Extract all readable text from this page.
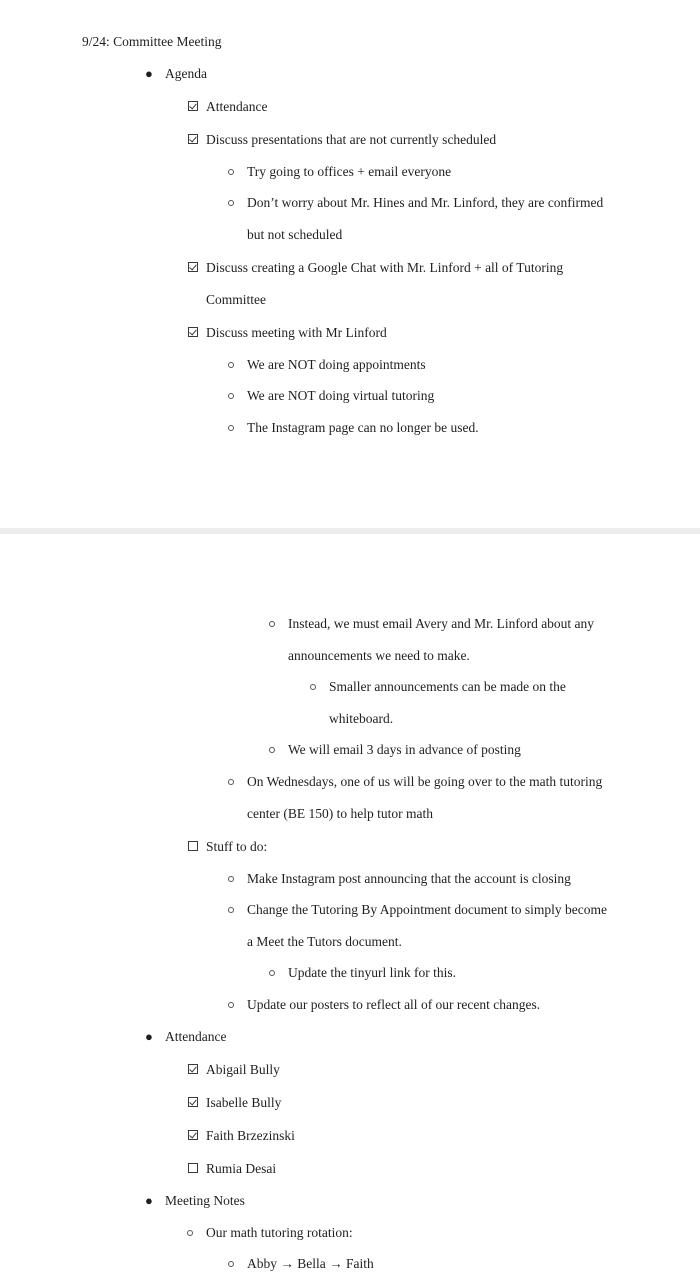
9/24: Committee Meeting
● Agenda
Attendance
Discuss presentations that are not currently scheduled
Try going to offices + email everyone
Don’t worry about Mr. Hines and Mr. Linford, they are confirmed
but not scheduled
Discuss creating a Google Chat with Mr. Linford + all of Tutoring
Committee
Discuss meeting with Mr Linford
We are NOT doing appointments
We are NOT doing virtual tutoring
The Instagram page can no longer be used.
Instead, we must email Avery and Mr. Linford about any
announcements we need to make.
Smaller announcements can be made on the
whiteboard.
We will email 3 days in advance of posting
On Wednesdays, one of us will be going over to the math tutoring
center (BE 150) to help tutor math
Stuff to do:
Make Instagram post announcing that the account is closing
Change the Tutoring By Appointment document to simply become
a Meet the Tutors document.
Update the tinyurl link for this.
Update our posters to reflect all of our recent changes.
● Attendance
Abigail Bully
Isabelle Bully
Faith Brzezinski
Rumia Desai
● Meeting Notes
Our math tutoring rotation:
Abby → Bella → Faith
